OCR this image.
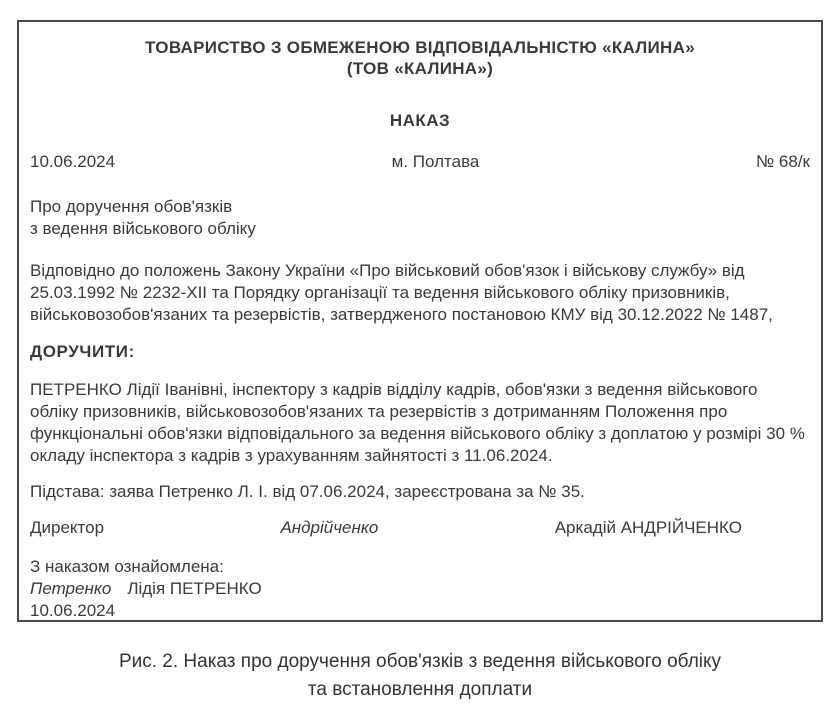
ТОВАРИСТВО З ОБМЕЖЕНОЮ ВІДПОВІДАЛЬНІСТЮ «КАЛИНА»
(ТОВ «КАЛИНА»)
НАКАЗ
10.06.2024	м. Полтава	№ 68/к
Про доручення обов'язків
з ведення військового обліку

Відповідно до положень Закону України «Про військовий обов'язок і військову службу» від 25.03.1992 № 2232-XII та Порядку організації та ведення військового обліку призовників, військовозобов'язаних та резервістів, затвердженого постановою КМУ від 30.12.2022 № 1487,

ДОРУЧИТИ:

ПЕТРЕНКО Лідії Іванівні, інспектору з кадрів відділу кадрів, обов'язки з ведення військового обліку призовників, військовозобов'язаних та резервістів з дотриманням Положення про функціональні обов'язки відповідального за ведення військового обліку з доплатою у розмірі 30 % окладу інспектора з кадрів з урахуванням зайнятості з 11.06.2024.

Підстава: заява Петренко Л. І. від 07.06.2024, зареєстрована за № 35.

Директор	Андрійченко	Аркадій АНДРІЙЧЕНКО
З наказом ознайомлена:
Петренко Лідія ПЕТРЕНКО
10.06.2024
Рис. 2. Наказ про доручення обов'язків з ведення військового обліку
та встановлення доплати
